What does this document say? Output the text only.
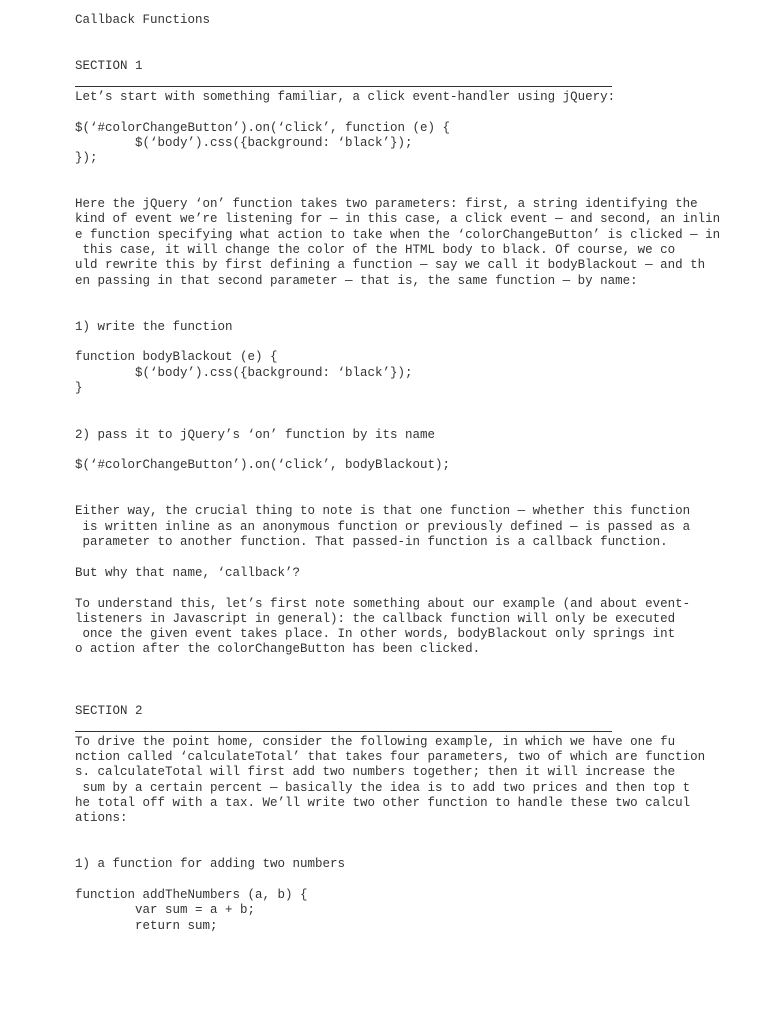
Callback Functions

SECTION 1

Let’s start with something familiar, a click event-handler using jQuery:

$(‘#colorChangeButton’).on(‘click’, function (e) {

$(‘body’).css({background: ‘black’});

});

Here the jQuery ‘on’ function takes two parameters: first, a string identifying the

kind of event we’re listening for — in this case, a click event — and second, an inlin

e function specifying what action to take when the ‘colorChangeButton’ is clicked — in

this case, it will change the color of the HTML body to black. Of course, we co

uld rewrite this by first defining a function — say we call it bodyBlackout — and th

en passing in that second parameter — that is, the same function — by name:

1) write the function

function bodyBlackout (e) {

$(‘body’).css({background: ‘black’});

}

2) pass it to jQuery’s ‘on’ function by its name

$(‘#colorChangeButton’).on(‘click’, bodyBlackout);

Either way, the crucial thing to note is that one function — whether this function

is written inline as an anonymous function or previously defined — is passed as a

parameter to another function. That passed-in function is a callback function.

But why that name, ‘callback’?

To understand this, let’s first note something about our example (and about event-

listeners in Javascript in general): the callback function will only be executed

once the given event takes place. In other words, bodyBlackout only springs int

o action after the colorChangeButton has been clicked.

SECTION 2

To drive the point home, consider the following example, in which we have one fu

nction called ‘calculateTotal’ that takes four parameters, two of which are function

s. calculateTotal will first add two numbers together; then it will increase the

sum by a certain percent — basically the idea is to add two prices and then top t

he total off with a tax. We’ll write two other function to handle these two calcul

ations:

1) a function for adding two numbers

function addTheNumbers (a, b) {

var sum = a + b;

return sum;
